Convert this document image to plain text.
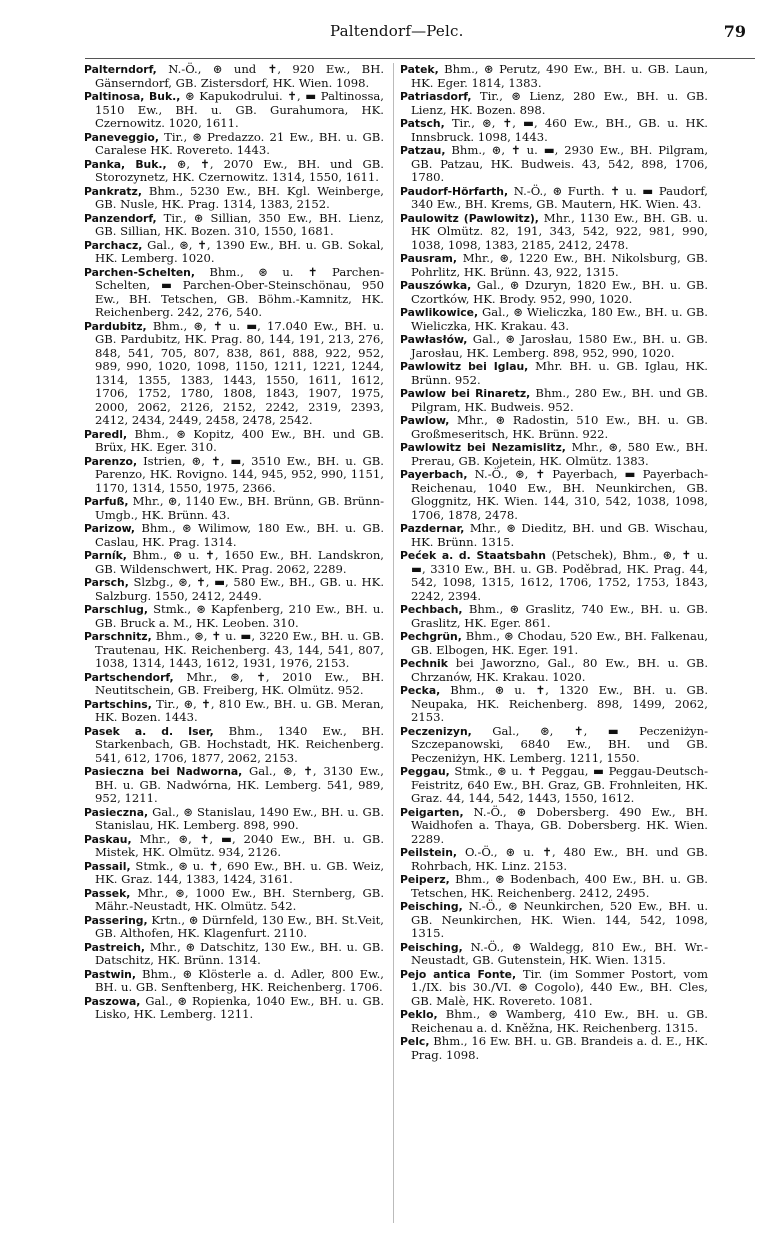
Paltendorf—Pelc.	79

Palterndorf, N.-Ö., ⊛ und ✝, 920 Ew., BH. Gänserndorf, GB. Zistersdorf, HK. Wien. 1098.

Paltinosa, Buk., ⊛ Kapukodrului. ✝, ▬ Paltinossa, 1510 Ew., BH. u. GB. Gurahumora, HK. Czernowitz. 1020, 1611.

Paneveggio, Tir., ⊛ Predazzo. 21 Ew., BH. u. GB. Caralese HK. Rovereto. 1443.

Panka, Buk., ⊛, ✝, 2070 Ew., BH. und GB. Storozynetz, HK. Czernowitz. 1314, 1550, 1611.

Pankratz, Bhm., 5230 Ew., BH. Kgl. Weinberge, GB. Nusle, HK. Prag. 1314, 1383, 2152.

Panzendorf, Tir., ⊛ Sillian, 350 Ew., BH. Lienz, GB. Sillian, HK. Bozen. 310, 1550, 1681.

Parchacz, Gal., ⊛, ✝, 1390 Ew., BH. u. GB. Sokal, HK. Lemberg. 1020.

Parchen-Schelten, Bhm., ⊛ u. ✝ Parchen-Schelten, ▬ Parchen-Ober-Steinschönau, 950 Ew., BH. Tetschen, GB. Böhm.-Kamnitz, HK. Reichenberg. 242, 276, 540.

Pardubitz, Bhm., ⊛, ✝ u. ▬, 17.040 Ew., BH. u. GB. Pardubitz, HK. Prag. 80, 144, 191, 213, 276, 848, 541, 705, 807, 838, 861, 888, 922, 952, 989, 990, 1020, 1098, 1150, 1211, 1221, 1244, 1314, 1355, 1383, 1443, 1550, 1611, 1612, 1706, 1752, 1780, 1808, 1843, 1907, 1975, 2000, 2062, 2126, 2152, 2242, 2319, 2393, 2412, 2434, 2449, 2458, 2478, 2542.

Paredl, Bhm., ⊛ Kopitz, 400 Ew., BH. und GB. Brüx, HK. Eger. 310.

Parenzo, Istrien, ⊛, ✝, ▬, 3510 Ew., BH. u. GB. Parenzo, HK. Rovigno. 144, 945, 952, 990, 1151, 1170, 1314, 1550, 1975, 2366.

Parfuß, Mhr., ⊛, 1140 Ew., BH. Brünn, GB. Brünn-Umgb., HK. Brünn. 43.

Parizow, Bhm., ⊛ Wilimow, 180 Ew., BH. u. GB. Caslau, HK. Prag. 1314.

Parník, Bhm., ⊛ u. ✝, 1650 Ew., BH. Landskron, GB. Wildenschwert, HK. Prag. 2062, 2289.

Parsch, Slzbg., ⊛, ✝, ▬, 580 Ew., BH., GB. u. HK. Salzburg. 1550, 2412, 2449.

Parschlug, Stmk., ⊛ Kapfenberg, 210 Ew., BH. u. GB. Bruck a. M., HK. Leoben. 310.

Parschnitz, Bhm., ⊛, ✝ u. ▬, 3220 Ew., BH. u. GB. Trautenau, HK. Reichenberg. 43, 144, 541, 807, 1038, 1314, 1443, 1612, 1931, 1976, 2153.

Partschendorf, Mhr., ⊛, ✝, 2010 Ew., BH. Neutitschein, GB. Freiberg, HK. Olmütz. 952.

Partschins, Tir., ⊛, ✝, 810 Ew., BH. u. GB. Meran, HK. Bozen. 1443.

Pasek a. d. Iser, Bhm., 1340 Ew., BH. Starkenbach, GB. Hochstadt, HK. Reichenberg. 541, 612, 1706, 1877, 2062, 2153.

Pasieczna bei Nadworna, Gal., ⊛, ✝, 3130 Ew., BH. u. GB. Nadwórna, HK. Lemberg. 541, 989, 952, 1211.

Pasieczna, Gal., ⊛ Stanislau, 1490 Ew., BH. u. GB. Stanislau, HK. Lemberg. 898, 990.

Paskau, Mhr., ⊛, ✝, ▬, 2040 Ew., BH. u. GB. Mistek, HK. Olmütz. 934, 2126.

Passail, Stmk., ⊛ u. ✝, 690 Ew., BH. u. GB. Weiz, HK. Graz. 144, 1383, 1424, 3161.

Passek, Mhr., ⊛, 1000 Ew., BH. Sternberg, GB. Mähr.-Neustadt, HK. Olmütz. 542.

Passering, Krtn., ⊛ Dürnfeld, 130 Ew., BH. St.Veit, GB. Althofen, HK. Klagenfurt. 2110.

Pastreich, Mhr., ⊛ Datschitz, 130 Ew., BH. u. GB. Datschitz, HK. Brünn. 1314.

Pastwin, Bhm., ⊛ Klösterle a. d. Adler, 800 Ew., BH. u. GB. Senftenberg, HK. Reichenberg. 1706.

Paszowa, Gal., ⊛ Ropienka, 1040 Ew., BH. u. GB. Lisko, HK. Lemberg. 1211.

Patek, Bhm., ⊛ Perutz, 490 Ew., BH. u. GB. Laun, HK. Eger. 1814, 1383.

Patriasdorf, Tir., ⊛ Lienz, 280 Ew., BH. u. GB. Lienz, HK. Bozen. 898.

Patsch, Tir., ⊛, ✝, ▬, 460 Ew., BH., GB. u. HK. Innsbruck. 1098, 1443.

Patzau, Bhm., ⊛, ✝ u. ▬, 2930 Ew., BH. Pilgram, GB. Patzau, HK. Budweis. 43, 542, 898, 1706, 1780.

Paudorf-Hörfarth, N.-Ö., ⊛ Furth. ✝ u. ▬ Paudorf, 340 Ew., BH. Krems, GB. Mautern, HK. Wien. 43.

Paulowitz (Pawlowitz), Mhr., 1130 Ew., BH. GB. u. HK Olmütz. 82, 191, 343, 542, 922, 981, 990, 1038, 1098, 1383, 2185, 2412, 2478.

Pausram, Mhr., ⊛, 1220 Ew., BH. Nikolsburg, GB. Pohrlitz, HK. Brünn. 43, 922, 1315.

Pauszówka, Gal., ⊛ Dzuryn, 1820 Ew., BH. u. GB. Czortków, HK. Brody. 952, 990, 1020.

Pawlikowice, Gal., ⊛ Wieliczka, 180 Ew., BH. u. GB. Wieliczka, HK. Krakau. 43.

Pawłasłów, Gal., ⊛ Jarosłau, 1580 Ew., BH. u. GB. Jarosłau, HK. Lemberg. 898, 952, 990, 1020.

Pawlowitz bei Iglau, Mhr. BH. u. GB. Iglau, HK. Brünn. 952.

Pawlow bei Rinaretz, Bhm., 280 Ew., BH. und GB. Pilgram, HK. Budweis. 952.

Pawlow, Mhr., ⊛ Radostin, 510 Ew., BH. u. GB. Großmeseritsch, HK. Brünn. 922.

Pawlowitz bei Nezamislitz, Mhr., ⊛, 580 Ew., BH. Prerau, GB. Kojetein, HK. Olmütz. 1383.

Payerbach, N.-Ö., ⊛, ✝ Payerbach, ▬ Payerbach-Reichenau, 1040 Ew., BH. Neunkirchen, GB. Gloggnitz, HK. Wien. 144, 310, 542, 1038, 1098, 1706, 1878, 2478.

Pazdernar, Mhr., ⊛ Dieditz, BH. und GB. Wischau, HK. Brünn. 1315.

Pećek a. d. Staatsbahn (Petschek), Bhm., ⊛, ✝ u. ▬, 3310 Ew., BH. u. GB. Poděbrad, HK. Prag. 44, 542, 1098, 1315, 1612, 1706, 1752, 1753, 1843, 2242, 2394.

Pechbach, Bhm., ⊛ Graslitz, 740 Ew., BH. u. GB. Graslitz, HK. Eger. 861.

Pechgrün, Bhm., ⊛ Chodau, 520 Ew., BH. Falkenau, GB. Elbogen, HK. Eger. 191.

Pechnik bei Jaworzno, Gal., 80 Ew., BH. u. GB. Chrzanów, HK. Krakau. 1020.

Pecka, Bhm., ⊛ u. ✝, 1320 Ew., BH. u. GB. Neupaka, HK. Reichenberg. 898, 1499, 2062, 2153.

Peczenizyn, Gal., ⊛, ✝, ▬ Peczeniżyn-Szczepanowski, 6840 Ew., BH. und GB. Peczeniżyn, HK. Lemberg. 1211, 1550.

Peggau, Stmk., ⊛ u. ✝ Peggau, ▬ Peggau-Deutsch-Feistritz, 640 Ew., BH. Graz, GB. Frohnleiten, HK. Graz. 44, 144, 542, 1443, 1550, 1612.

Peigarten, N.-Ö., ⊛ Dobersberg. 490 Ew., BH. Waidhofen a. Thaya, GB. Dobersberg. HK. Wien. 2289.

Peilstein, O.-Ö., ⊛ u. ✝, 480 Ew., BH. und GB. Rohrbach, HK. Linz. 2153.

Peiperz, Bhm., ⊛ Bodenbach, 400 Ew., BH. u. GB. Tetschen, HK. Reichenberg. 2412, 2495.

Peisching, N.-Ö., ⊛ Neunkirchen, 520 Ew., BH. u. GB. Neunkirchen, HK. Wien. 144, 542, 1098, 1315.

Peisching, N.-Ö., ⊛ Waldegg, 810 Ew., BH. Wr.-Neustadt, GB. Gutenstein, HK. Wien. 1315.

Pejo antica Fonte, Tir. (im Sommer Postort, vom 1./IX. bis 30./VI. ⊛ Cogolo), 440 Ew., BH. Cles, GB. Malè, HK. Rovereto. 1081.

Peklo, Bhm., ⊛ Wamberg, 410 Ew., BH. u. GB. Reichenau a. d. Kněžna, HK. Reichenberg. 1315.

Pelc, Bhm., 16 Ew. BH. u. GB. Brandeis a. d. E., HK. Prag. 1098.
